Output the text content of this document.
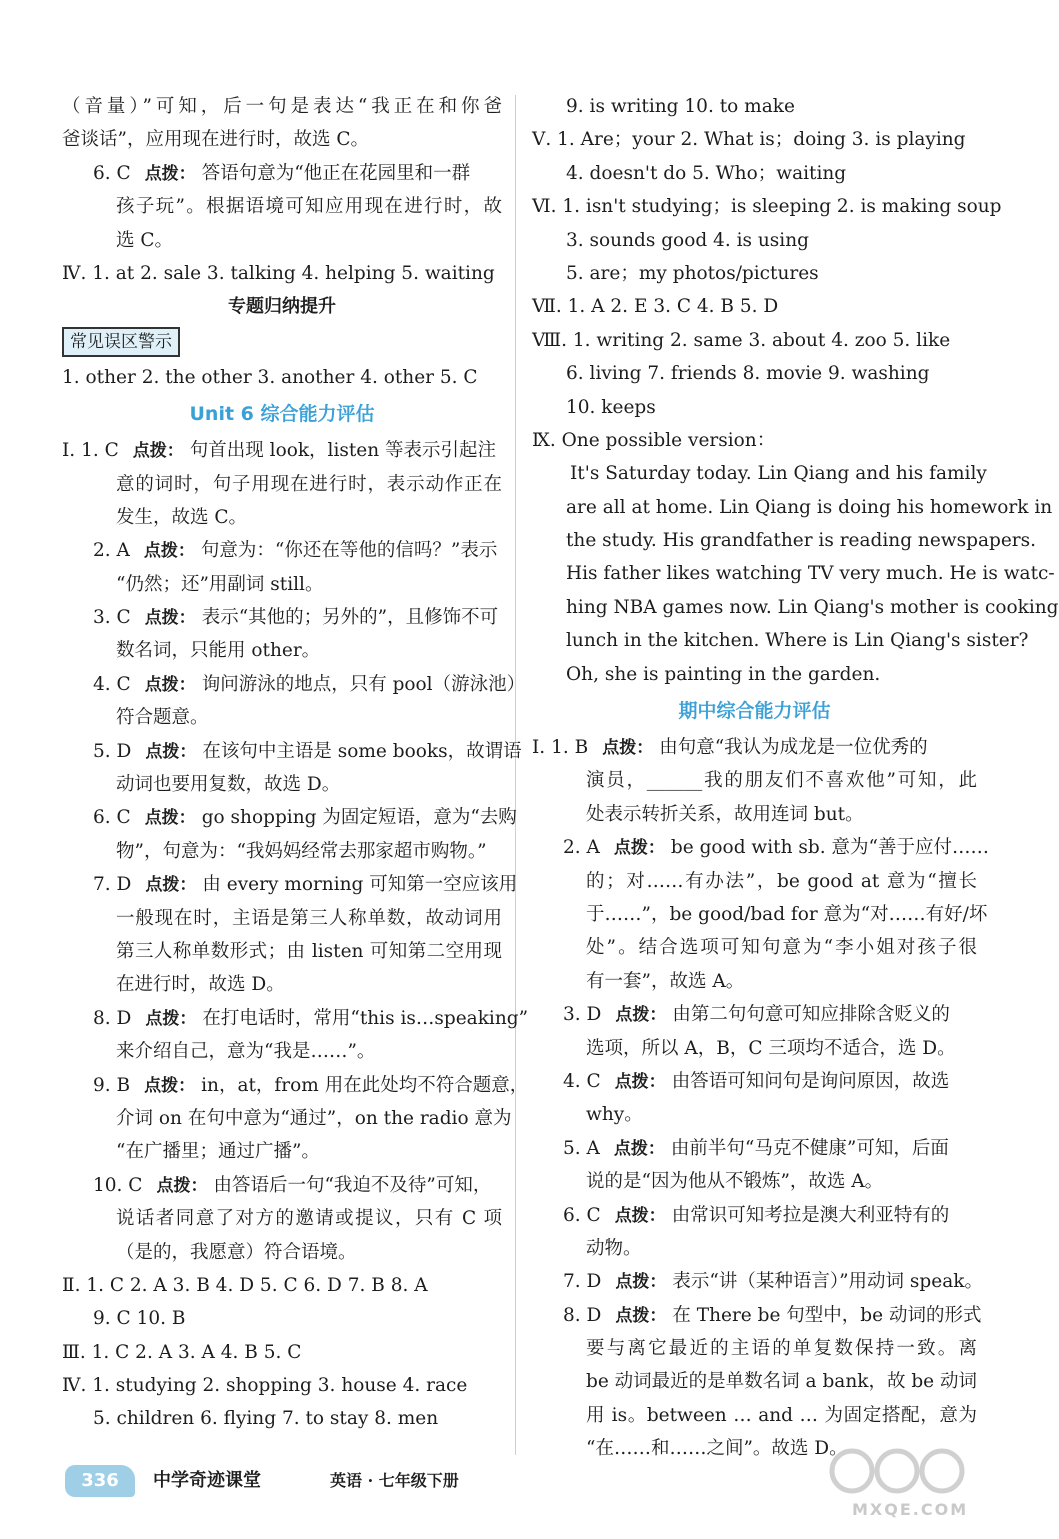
（音量）”可知，后一句是表达“我正在和你爸
爸谈话”，应用现在进行时，故选 C。
6. C 点拨： 答语句意为“他正在花园里和一群
孩子玩”。根据语境可知应用现在进行时，故
选 C。
Ⅳ. 1. at 2. sale 3. talking 4. helping 5. waiting
专题归纳提升
常见误区警示
1. other 2. the other 3. another 4. other 5. C
Unit 6 综合能力评估
Ⅰ. 1. C 点拨： 句首出现 look，listen 等表示引起注
意的词时，句子用现在进行时，表示动作正在
发生，故选 C。
2. A 点拨： 句意为：“你还在等他的信吗？”表示
“仍然；还”用副词 still。
3. C 点拨： 表示“其他的；另外的”，且修饰不可
数名词，只能用 other。
4. C 点拨： 询问游泳的地点，只有 pool（游泳池）
符合题意。
5. D 点拨： 在该句中主语是 some books，故谓语
动词也要用复数，故选 D。
6. C 点拨： go shopping 为固定短语，意为“去购
物”，句意为：“我妈妈经常去那家超市购物。”
7. D 点拨： 由 every morning 可知第一空应该用
一般现在时，主语是第三人称单数，故动词用
第三人称单数形式；由 listen 可知第二空用现
在进行时，故选 D。
8. D 点拨： 在打电话时，常用“this is…speaking”
来介绍自己，意为“我是……”。
9. B 点拨： in，at，from 用在此处均不符合题意，
介词 on 在句中意为“通过”，on the radio 意为
“在广播里；通过广播”。
10. C 点拨： 由答语后一句“我迫不及待”可知，
说话者同意了对方的邀请或提议，只有 C 项
（是的，我愿意）符合语境。
Ⅱ. 1. C 2. A 3. B 4. D 5. C 6. D 7. B 8. A
9. C 10. B
Ⅲ. 1. C 2. A 3. A 4. B 5. C
Ⅳ. 1. studying 2. shopping 3. house 4. race
5. children 6. flying 7. to stay 8. men
9. is writing 10. to make
Ⅴ. 1. Are；your 2. What is；doing 3. is playing
4. doesn't do 5. Who；waiting
Ⅵ. 1. isn't studying；is sleeping 2. is making soup
3. sounds good 4. is using
5. are；my photos/pictures
Ⅶ. 1. A 2. E 3. C 4. B 5. D
Ⅷ. 1. writing 2. same 3. about 4. zoo 5. like
6. living 7. friends 8. movie 9. washing
10. keeps
Ⅸ. One possible version：
It's Saturday today. Lin Qiang and his family
are all at home. Lin Qiang is doing his homework in
the study. His grandfather is reading newspapers.
His father likes watching TV very much. He is watc-
hing NBA games now. Lin Qiang's mother is cooking
lunch in the kitchen. Where is Lin Qiang's sister?
Oh, she is painting in the garden.
期中综合能力评估
Ⅰ. 1. B 点拨： 由句意“我认为成龙是一位优秀的
演员，______我的朋友们不喜欢他”可知，此
处表示转折关系，故用连词 but。
2. A 点拨： be good with sb. 意为“善于应付……
的；对……有办法”，be good at 意为“擅长
于……”，be good/bad for 意为“对……有好/坏
处”。结合选项可知句意为“李小姐对孩子很
有一套”，故选 A。
3. D 点拨： 由第二句句意可知应排除含贬义的
选项，所以 A，B，C 三项均不适合，选 D。
4. C 点拨： 由答语可知问句是询问原因，故选
why。
5. A 点拨： 由前半句“马克不健康”可知，后面
说的是“因为他从不锻炼”，故选 A。
6. C 点拨： 由常识可知考拉是澳大利亚特有的
动物。
7. D 点拨： 表示“讲（某种语言）”用动词 speak。
8. D 点拨： 在 There be 句型中，be 动词的形式
要与离它最近的主语的单复数保持一致。离
be 动词最近的是单数名词 a bank，故 be 动词
用 is。between … and … 为固定搭配，意为
“在……和……之间”。故选 D。
336	中学奇迹课堂	英语 · 七年级下册
MXQE.COM
